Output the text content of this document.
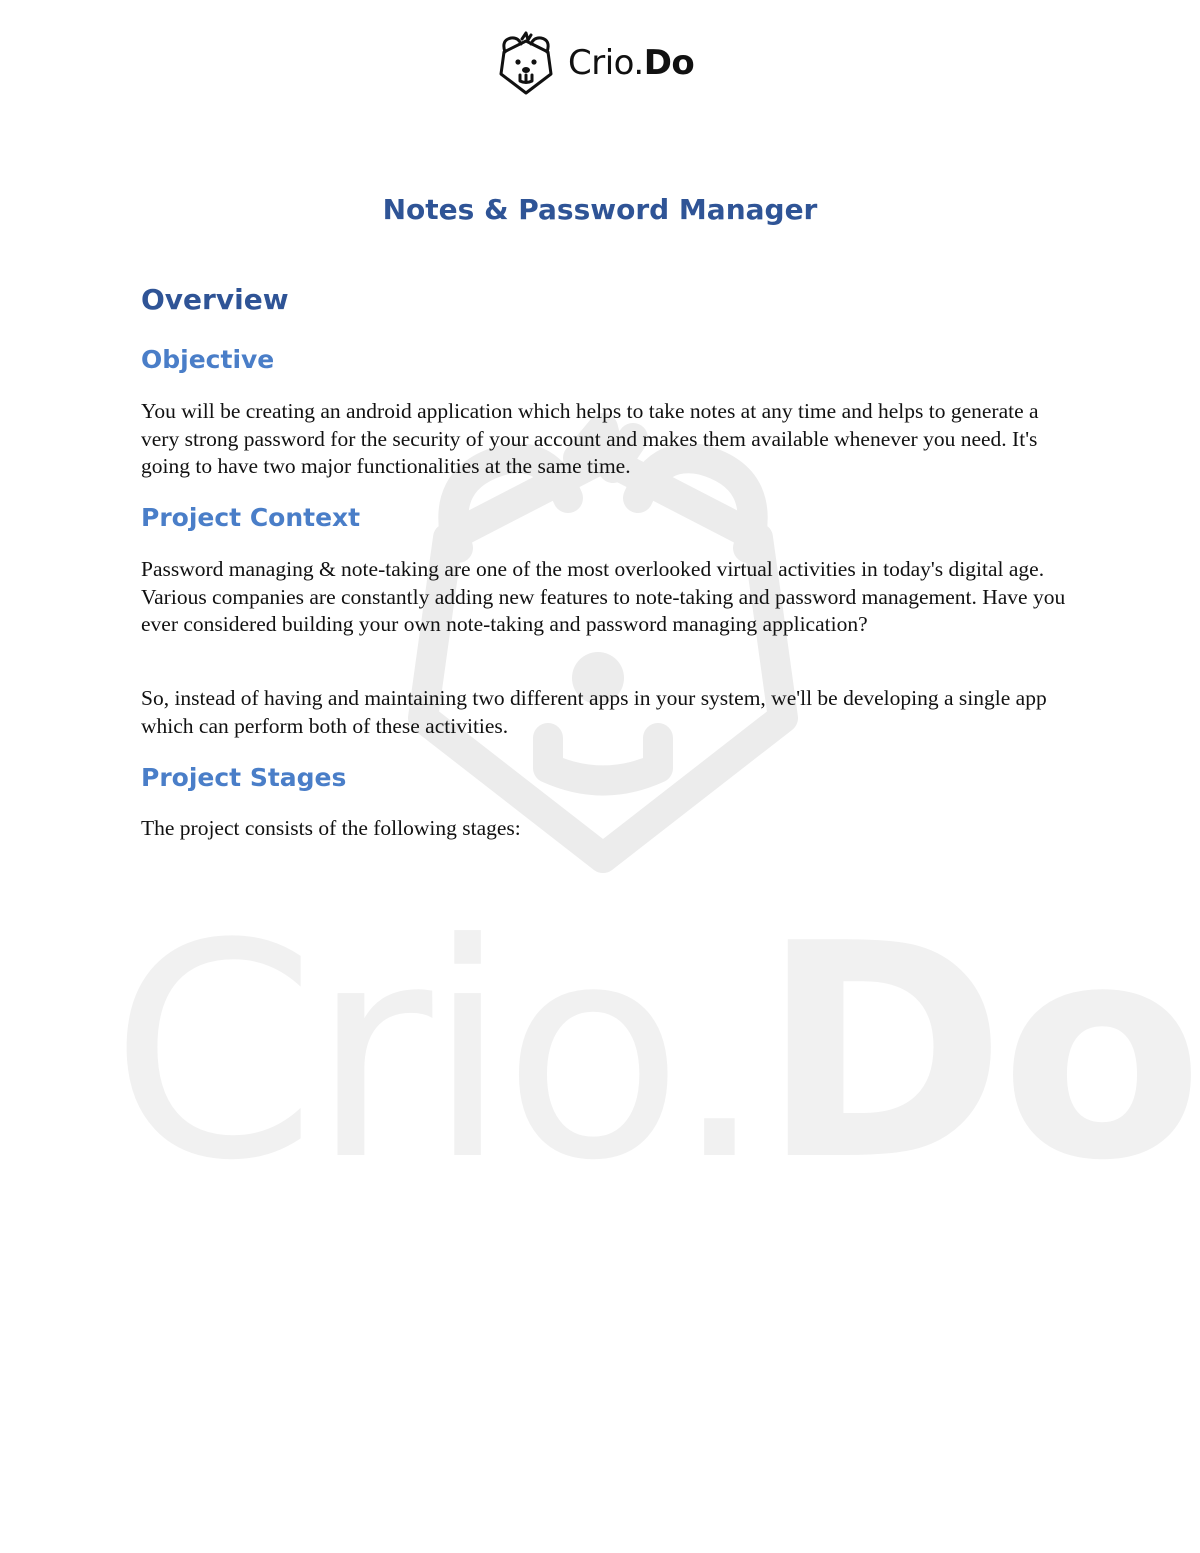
Crio.Do
Crio.Do
Notes & Password Manager
Overview
Objective

You will be creating an android application which helps to take notes at any time and helps to generate a very strong password for the security of your account and makes them available whenever you need. It's going to have two major functionalities at the same time.

Project Context

Password managing & note-taking are one of the most overlooked virtual activities in today's digital age. Various companies are constantly adding new features to note-taking and password management. Have you ever considered building your own note-taking and password managing application?

So, instead of having and maintaining two different apps in your system, we'll be developing a single app which can perform both of these activities.

Project Stages

The project consists of the following stages:
